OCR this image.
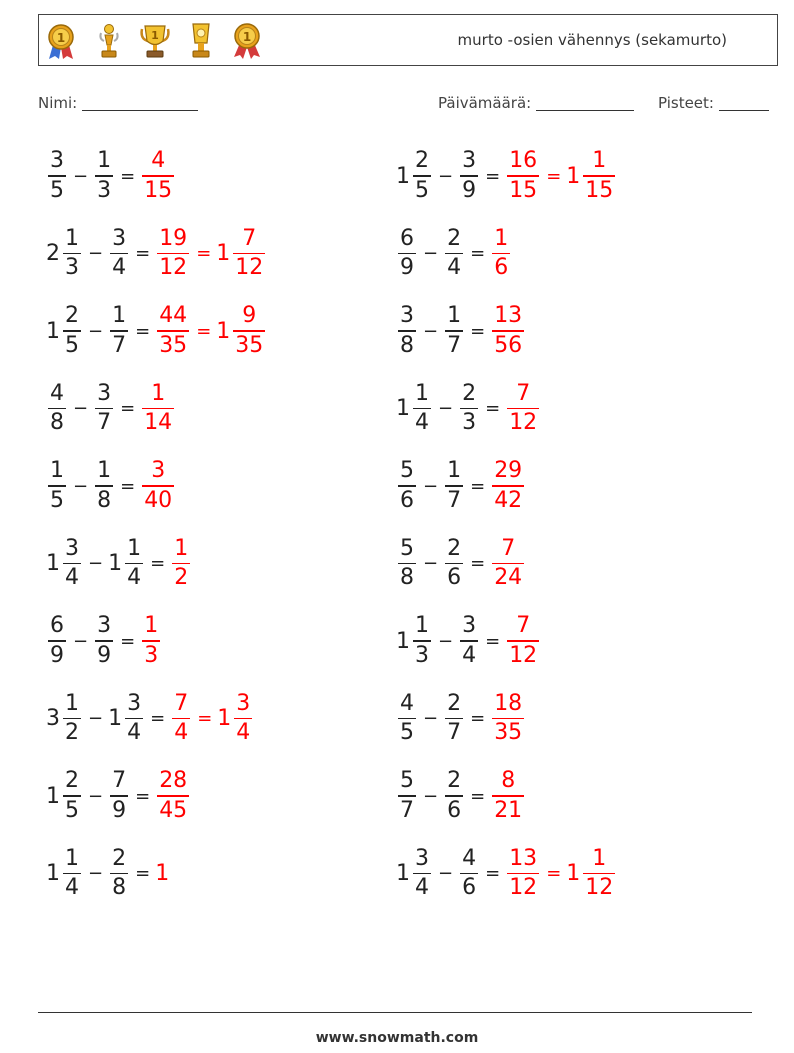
1	1	1	murto -osien vähennys (sekamurto)
Nimi:	Päivämäärä:	Pisteet:
$\frac{3}{5} - \frac{1}{3} = \frac{4}{15}$	$1 \frac{2}{5} - \frac{3}{9} = \frac{16}{15} = 1 \frac{1}{15}$
$2 \frac{1}{3} - \frac{3}{4} = \frac{19}{12} = 1 \frac{7}{12}$	$\frac{6}{9} - \frac{2}{4} = \frac{1}{6}$
$1 \frac{2}{5} - \frac{1}{7} = \frac{44}{35} = 1 \frac{9}{35}$	$\frac{3}{8} - \frac{1}{7} = \frac{13}{56}$
$\frac{4}{8} - \frac{3}{7} = \frac{1}{14}$	$1 \frac{1}{4} - \frac{2}{3} = \frac{7}{12}$
$\frac{1}{5} - \frac{1}{8} = \frac{3}{40}$	$\frac{5}{6} - \frac{1}{7} = \frac{29}{42}$
$1 \frac{3}{4} - 1 \frac{1}{4} = \frac{1}{2}$	$\frac{5}{8} - \frac{2}{6} = \frac{7}{24}$
$\frac{6}{9} - \frac{3}{9} = \frac{1}{3}$	$1 \frac{1}{3} - \frac{3}{4} = \frac{7}{12}$
$3 \frac{1}{2} - 1 \frac{3}{4} = \frac{7}{4} = 1 \frac{3}{4}$	$\frac{4}{5} - \frac{2}{7} = \frac{18}{35}$
$1 \frac{2}{5} - \frac{7}{9} = \frac{28}{45}$	$\frac{5}{7} - \frac{2}{6} = \frac{8}{21}$
$1 \frac{1}{4} - \frac{2}{8} = 1$	$1 \frac{3}{4} - \frac{4}{6} = \frac{13}{12} = 1 \frac{1}{12}$
www.snowmath.com
